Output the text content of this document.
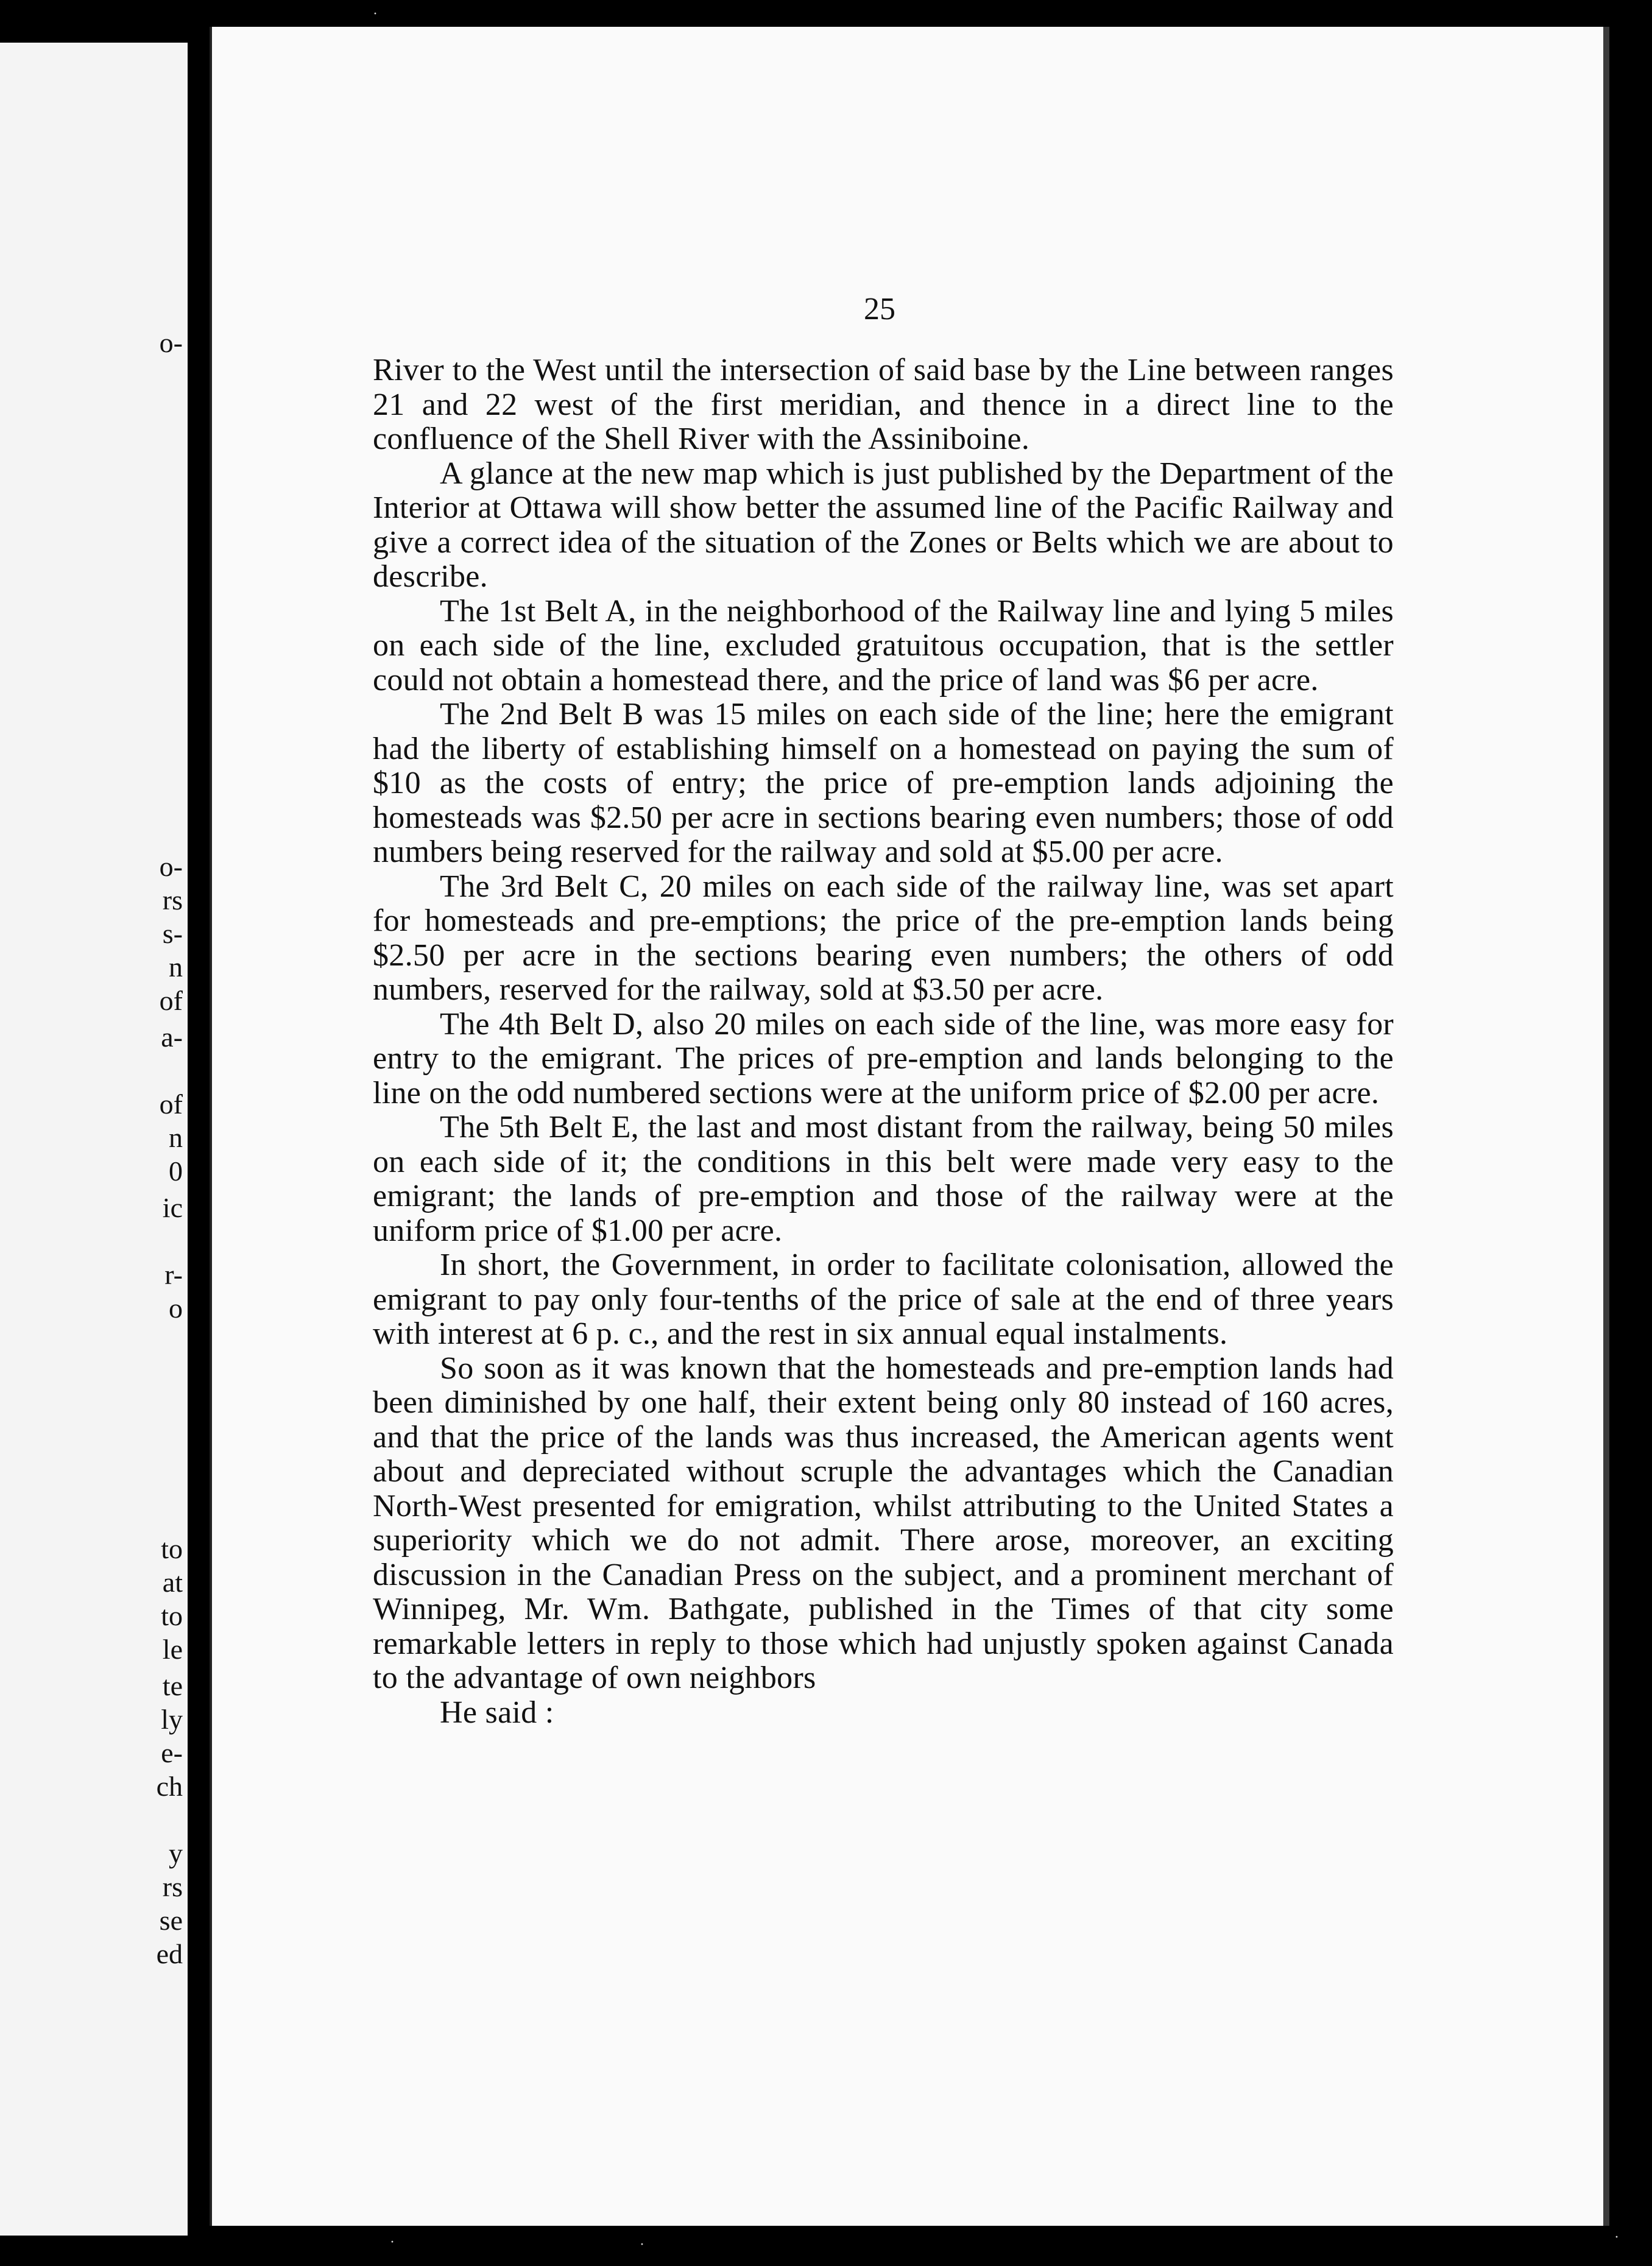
o-
o-
rs
s-
n
of
a-
of
n
0
ic
r-
o
to
at
to
le
te
ly
e-
ch
y
rs
se
ed
25

River to the West until the intersection of said base by the Line between ranges 21 and 22 west of the first meridian, and thence in a direct line to the confluence of the Shell River with the Assiniboine.

A glance at the new map which is just published by the Department of the Interior at Ottawa will show better the assumed line of the Pacific Railway and give a correct idea of the situation of the Zones or Belts which we are about to describe.

The 1st Belt A, in the neighborhood of the Railway line and lying 5 miles on each side of the line, excluded gratuitous occupation, that is the settler could not obtain a homestead there, and the price of land was $6 per acre.

The 2nd Belt B was 15 miles on each side of the line; here the emigrant had the liberty of establishing himself on a homestead on paying the sum of $10 as the costs of entry; the price of pre-emption lands adjoining the homesteads was $2.50 per acre in sections bearing even numbers; those of odd numbers being reserved for the railway and sold at $5.00 per acre.

The 3rd Belt C, 20 miles on each side of the railway line, was set apart for homesteads and pre-emptions; the price of the pre-emption lands being $2.50 per acre in the sections bearing even numbers; the others of odd numbers, reserved for the railway, sold at $3.50 per acre.

The 4th Belt D, also 20 miles on each side of the line, was more easy for entry to the emigrant. The prices of pre-emption and lands belonging to the line on the odd numbered sections were at the uniform price of $2.00 per acre.

The 5th Belt E, the last and most distant from the railway, being 50 miles on each side of it; the conditions in this belt were made very easy to the emigrant; the lands of pre-emption and those of the railway were at the uniform price of $1.00 per acre.

In short, the Government, in order to facilitate colonisation, allowed the emigrant to pay only four-tenths of the price of sale at the end of three years with interest at 6 p. c., and the rest in six annual equal instalments.

So soon as it was known that the homesteads and pre-emption lands had been diminished by one half, their extent being only 80 instead of 160 acres, and that the price of the lands was thus increased, the American agents went about and depreciated without scruple the advantages which the Canadian North-West presented for emigration, whilst attributing to the United States a superiority which we do not admit. There arose, moreover, an exciting discussion in the Canadian Press on the subject, and a prominent merchant of Winnipeg, Mr. Wm. Bathgate, published in the Times of that city some remarkable letters in reply to those which had unjustly spoken against Canada to the advantage of own neighbors

He said :

·
·	·	·
